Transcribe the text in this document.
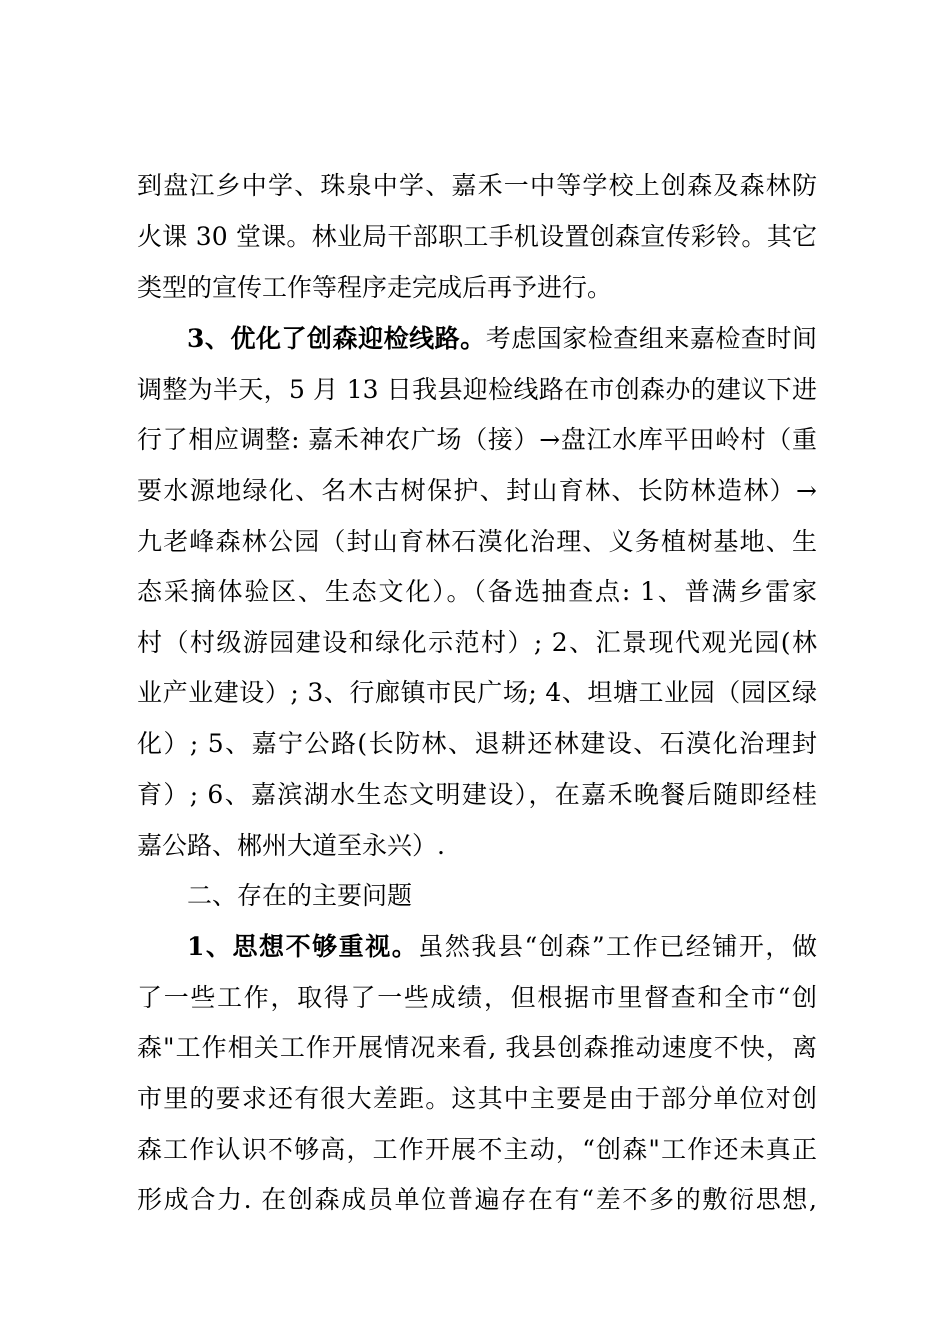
到盘江乡中学、珠泉中学、嘉禾一中等学校上创森及森林防
火课 30 堂课。林业局干部职工手机设置创森宣传彩铃。其它
类型的宣传工作等程序走完成后再予进行。
3、优化了创森迎检线路。考虑国家检查组来嘉检查时间
调整为半天，5 月 13 日我县迎检线路在市创森办的建议下进
行了相应调整: 嘉禾神农广场（接）→盘江水库平田岭村（重
要水源地绿化、名木古树保护、封山育林、长防林造林）→
九老峰森林公园（封山育林石漠化治理、义务植树基地、生
态采摘体验区、生态文化）。（备选抽查点: 1、普满乡雷家
村（村级游园建设和绿化示范村）; 2、汇景现代观光园(林
业产业建设）; 3、行廊镇市民广场; 4、坦塘工业园（园区绿
化）; 5、嘉宁公路(长防林、退耕还林建设、石漠化治理封
育）; 6、嘉滨湖水生态文明建设），在嘉禾晚餐后随即经桂
嘉公路、郴州大道至永兴）.
二、存在的主要问题
1、思想不够重视。虽然我县“创森”工作已经铺开，做
了一些工作，取得了一些成绩，但根据市里督查和全市“创
森"工作相关工作开展情况来看, 我县创森推动速度不快，离
市里的要求还有很大差距。这其中主要是由于部分单位对创
森工作认识不够高，工作开展不主动，“创森"工作还未真正
形成合力. 在创森成员单位普遍存在有“差不多的敷衍思想,
